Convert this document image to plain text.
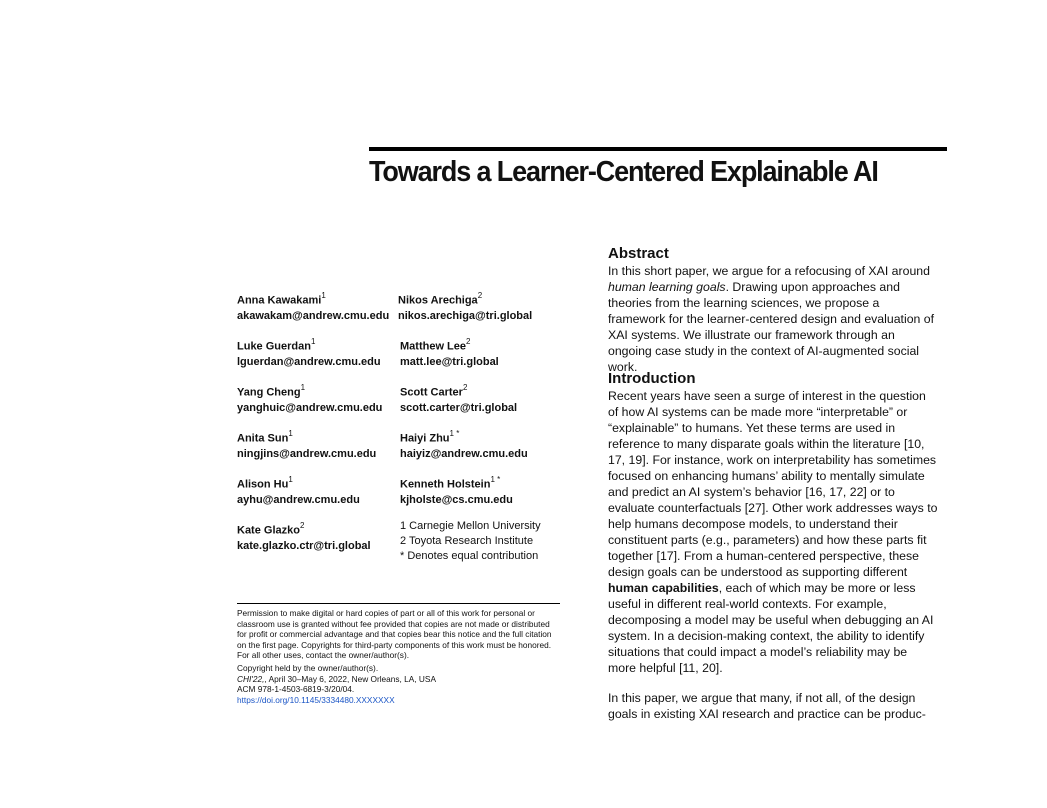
Towards a Learner-Centered Explainable AI
Anna Kawakami$^1$
akawakam@andrew.cmu.edu
Nikos Arechiga$^2$
nikos.arechiga@tri.global
Luke Guerdan$^1$
lguerdan@andrew.cmu.edu
Matthew Lee$^2$
matt.lee@tri.global
Yang Cheng$^1$
yanghuic@andrew.cmu.edu
Scott Carter$^2$
scott.carter@tri.global
Anita Sun$^1$
ningjins@andrew.cmu.edu
Haiyi Zhu$^{1 *}$
haiyiz@andrew.cmu.edu
Alison Hu$^1$
ayhu@andrew.cmu.edu
Kenneth Holstein$^{1 *}$
kjholste@cs.cmu.edu
Kate Glazko$^2$
kate.glazko.ctr@tri.global
1 Carnegie Mellon University
2 Toyota Research Institute
* Denotes equal contribution
Permission to make digital or hard copies of part or all of this work for personal or classroom use is granted without fee provided that copies are not made or distributed for profit or commercial advantage and that copies bear this notice and the full citation on the first page. Copyrights for third-party components of this work must be honored. For all other uses, contact the owner/author(s).
Copyright held by the owner/author(s).
CHI'22,, April 30–May 6, 2022, New Orleans, LA, USA
ACM 978-1-4503-6819-3/20/04.
https://doi.org/10.1145/3334480.XXXXXXX
Abstract

In this short paper, we argue for a refocusing of XAI around human learning goals. Drawing upon approaches and theories from the learning sciences, we propose a framework for the learner-centered design and evaluation of XAI systems. We illustrate our framework through an ongoing case study in the context of AI-augmented social work.

Introduction

Recent years have seen a surge of interest in the question of how AI systems can be made more “interpretable” or “explainable” to humans. Yet these terms are used in reference to many disparate goals within the literature [10, 17, 19]. For instance, work on interpretability has sometimes focused on enhancing humans’ ability to mentally simulate and predict an AI system’s behavior [16, 17, 22] or to evaluate counterfactuals [27]. Other work addresses ways to help humans decompose models, to understand their constituent parts (e.g., parameters) and how these parts fit together [17]. From a human-centered perspective, these design goals can be understood as supporting different human capabilities, each of which may be more or less useful in different real-world contexts. For example, decomposing a model may be useful when debugging an AI system. In a decision-making context, the ability to identify situations that could impact a model’s reliability may be more helpful [11, 20].

In this paper, we argue that many, if not all, of the design goals in existing XAI research and practice can be produc-
